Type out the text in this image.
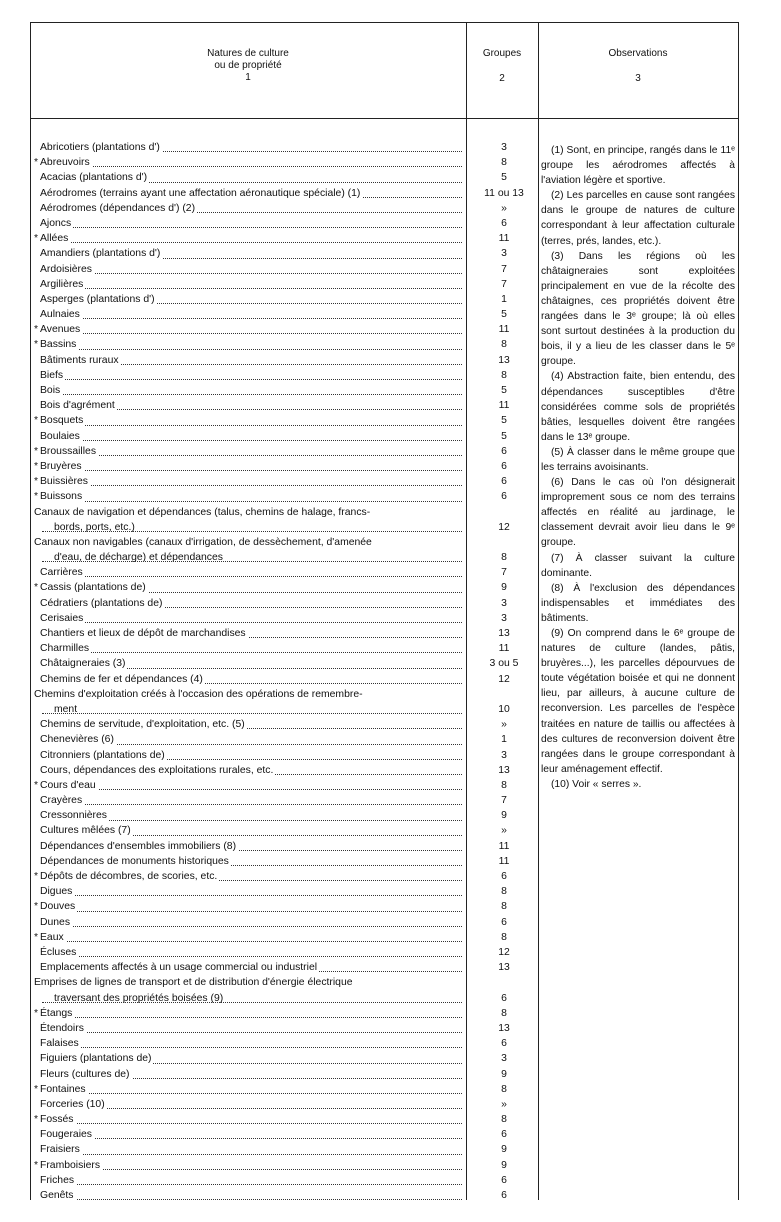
Natures de culture
ou de propriété
1
Groupes
2
Observations
3
Abricotiers (plantations d')	3
* Abreuvoirs	8
Acacias (plantations d')	5
Aérodromes (terrains ayant une affectation aéronautique spéciale) (1)	11 ou 13
Aérodromes (dépendances d') (2)	»
Ajoncs	6
* Allées	11
Amandiers (plantations d')	3
Ardoisières	7
Argilières	7
Asperges (plantations d')	1
Aulnaies	5
* Avenues	11
* Bassins	8
Bâtiments ruraux	13
Biefs	8
Bois	5
Bois d'agrément	11
* Bosquets	5
Boulaies	5
* Broussailles	6
* Bruyères	6
* Buissières	6
* Buissons	6
Canaux de navigation et dépendances (talus, chemins de halage, francs-
bords, ports, etc.)	12
Canaux non navigables (canaux d'irrigation, de dessèchement, d'amenée
d'eau, de décharge) et dépendances	8
Carrières	7
* Cassis (plantations de)	9
Cédratiers (plantations de)	3
Cerisaies	3
Chantiers et lieux de dépôt de marchandises	13
Charmilles	11
Châtaigneraies (3)	3 ou 5
Chemins de fer et dépendances (4)	12
Chemins d'exploitation créés à l'occasion des opérations de remembre-
ment	10
Chemins de servitude, d'exploitation, etc. (5)	»
Chenevières (6)	1
Citronniers (plantations de)	3
Cours, dépendances des exploitations rurales, etc.	13
* Cours d'eau	8
Crayères	7
Cressonnières	9
Cultures mêlées (7)	»
Dépendances d'ensembles immobiliers (8)	11
Dépendances de monuments historiques	11
* Dépôts de décombres, de scories, etc.	6
Digues	8
* Douves	8
Dunes	6
* Eaux	8
Écluses	12
Emplacements affectés à un usage commercial ou industriel	13
Emprises de lignes de transport et de distribution d'énergie électrique
traversant des propriétés boisées (9)	6
* Étangs	8
Étendoirs	13
Falaises	6
Figuiers (plantations de)	3
Fleurs (cultures de)	9
* Fontaines	8
Forceries (10)	»
* Fossés	8
Fougeraies	6
Fraisiers	9
* Framboisiers	9
Friches	6
Genêts	6

(1) Sont, en principe, rangés dans le 11ᵉ groupe les aérodromes affectés à l'aviation légère et sportive.

(2) Les parcelles en cause sont rangées dans le groupe de natures de culture correspondant à leur affectation culturale (terres, prés, landes, etc.).

(3) Dans les régions où les châtaigneraies sont exploitées principalement en vue de la récolte des châtaignes, ces propriétés doivent être rangées dans le 3ᵉ groupe; là où elles sont surtout destinées à la production du bois, il y a lieu de les classer dans le 5ᵉ groupe.

(4) Abstraction faite, bien entendu, des dépendances susceptibles d'être considérées comme sols de propriétés bâties, lesquelles doivent être rangées dans le 13ᵉ groupe.

(5) À classer dans le même groupe que les terrains avoisinants.

(6) Dans le cas où l'on désignerait improprement sous ce nom des terrains affectés en réalité au jardinage, le classement devrait avoir lieu dans le 9ᵉ groupe.

(7) À classer suivant la culture dominante.

(8) À l'exclusion des dépendances indispensables et immédiates des bâtiments.

(9) On comprend dans le 6ᵉ groupe de natures de culture (landes, pâtis, bruyères...), les parcelles dépourvues de toute végétation boisée et qui ne donnent lieu, par ailleurs, à aucune culture de reconversion. Les parcelles de l'espèce traitées en nature de taillis ou affectées à des cultures de reconversion doivent être rangées dans le groupe correspondant à leur aménagement effectif.

(10) Voir « serres ».
